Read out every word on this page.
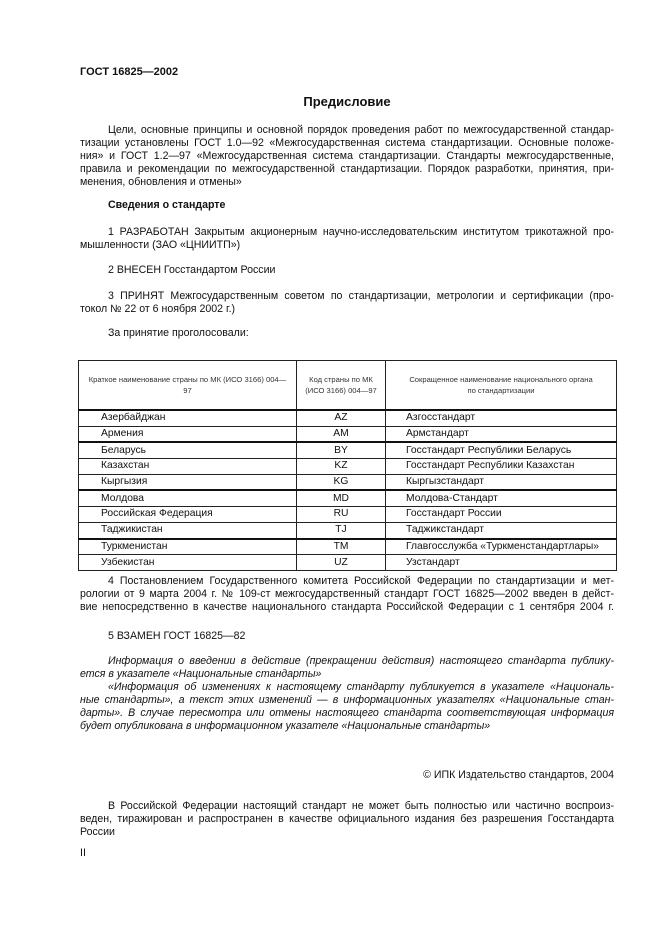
ГОСТ 16825—2002
Предисловие
Цели, основные принципы и основной порядок проведения работ по межгосударственной стандар-
тизации установлены ГОСТ 1.0—92 «Межгосударственная система стандартизации. Основные положе-
ния» и ГОСТ 1.2—97 «Межгосударственная система стандартизации. Стандарты межгосударственные,
правила и рекомендации по межгосударственной стандартизации. Порядок разработки, принятия, при-
менения, обновления и отмены»
Сведения о стандарте
1 РАЗРАБОТАН Закрытым акционерным научно-исследовательским институтом трикотажной про-
мышленности (ЗАО «ЦНИИТП»)
2 ВНЕСЕН Госстандартом России
3 ПРИНЯТ Межгосударственным советом по стандартизации, метрологии и сертификации (про-
токол № 22 от 6 ноября 2002 г.)
За принятие проголосовали:
Краткое наименование страны по МК (ИСО 3166) 004—97	Код страны по МК (ИСО 3166) 004—97	Сокращенное наименование национального органа по стандартизации
Азербайджан	AZ	Азгосстандарт
Армения	AM	Армстандарт
Беларусь	BY	Госстандарт Республики Беларусь
Казахстан	KZ	Госстандарт Республики Казахстан
Кыргызия	KG	Кыргызстандарт
Молдова	MD	Молдова-Стандарт
Российская Федерация	RU	Госстандарт России
Таджикистан	TJ	Таджикстандарт
Туркменистан	TM	Главгосслужба «Туркменстандартлары»
Узбекистан	UZ	Узстандарт
4 Постановлением Государственного комитета Российской Федерации по стандартизации и мет-
рологии от 9 марта 2004 г. № 109-ст межгосударственный стандарт ГОСТ 16825—2002 введен в дейст-
вие непосредственно в качестве национального стандарта Российской Федерации с 1 сентября 2004 г.
5 ВЗАМЕН ГОСТ 16825—82
Информация о введении в действие (прекращении действия) настоящего стандарта публику-
ется в указателе «Национальные стандарты»
«Информация об изменениях к настоящему стандарту публикуется в указателе «Националь-
ные стандарты», а текст этих изменений — в информационных указателях «Национальные стан-
дарты». В случае пересмотра или отмены настоящего стандарта соответствующая информация
будет опубликована в информационном указателе «Национальные стандарты»
© ИПК Издательство стандартов, 2004
В Российской Федерации настоящий стандарт не может быть полностью или частично воспроиз-
веден, тиражирован и распространен в качестве официального издания без разрешения Госстандарта
России
II
